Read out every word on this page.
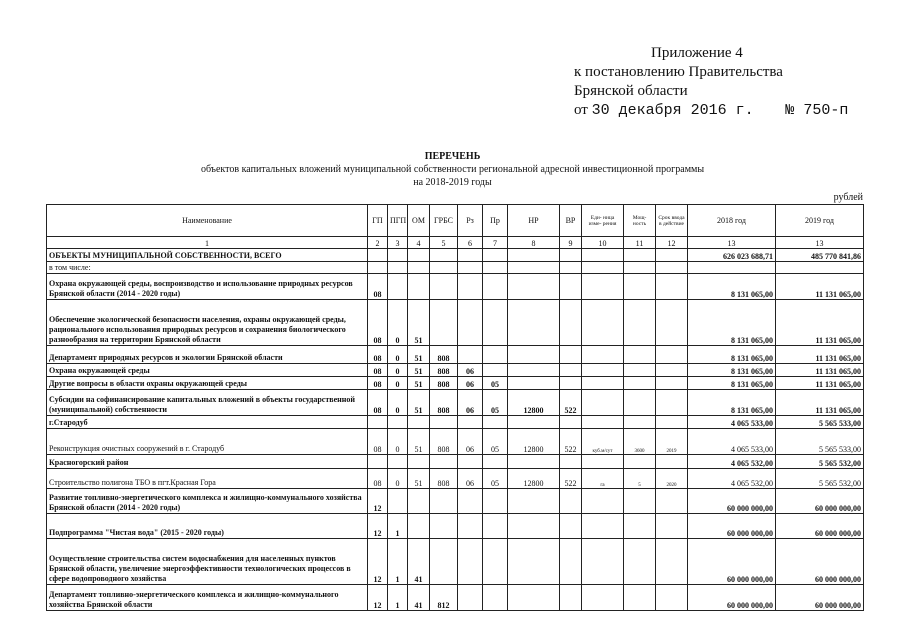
Приложение 4
к постановлению Правительства
Брянской области
от 30 декабря 2016 г. № 750-п
ПЕРЕЧЕНЬ
объектов капитальных вложений муниципальной собственности региональной адресной инвестиционной программы
на 2018-2019 годы
рублей
Наименование	ГП	ПГП	ОМ	ГРБС	Рз	Пр	НР	ВР	Еди- ница изме- рения	Мощ- ность	Срок ввода в действие	2018 год	2019 год
1	2	3	4	5	6	7	8	9	10	11	12	13	13
ОБЪЕКТЫ МУНИЦИПАЛЬНОЙ СОБСТВЕННОСТИ, ВСЕГО												626 023 688,71	485 770 841,86
в том числе:													
Охрана окружающей среды, воспроизводство и использование природных ресурсов Брянской области (2014 - 2020 годы)	08											8 131 065,00	11 131 065,00
Обеспечение экологической безопасности населения, охраны окружающей среды, рационального использования природных ресурсов и сохранения биологического разнообразия на территории Брянской области	08	0	51									8 131 065,00	11 131 065,00
Департамент природных ресурсов и экологии Брянской области	08	0	51	808								8 131 065,00	11 131 065,00
Охрана окружающей среды	08	0	51	808	06							8 131 065,00	11 131 065,00
Другие вопросы в области охраны окружающей среды	08	0	51	808	06	05						8 131 065,00	11 131 065,00
Субсидии на софинансирование капитальных вложений в объекты государственной (муниципальной) собственности	08	0	51	808	06	05	12800	522				8 131 065,00	11 131 065,00
г.Стародуб												4 065 533,00	5 565 533,00
Реконструкция очистных сооружений в г. Стародуб	08	0	51	808	06	05	12800	522	куб.м/сут	3600	2019	4 065 533,00	5 565 533,00
Красногорский район												4 065 532,00	5 565 532,00
Строительство полигона ТБО в пгт.Красная Гора	08	0	51	808	06	05	12800	522	га	5	2020	4 065 532,00	5 565 532,00
Развитие топливно-энергетического комплекса и жилищно-коммунального хозяйства Брянской области (2014 - 2020 годы)	12											60 000 000,00	60 000 000,00
Подпрограмма "Чистая вода" (2015 - 2020 годы)	12	1										60 000 000,00	60 000 000,00
Осуществление строительства систем водоснабжения для населенных пунктов Брянской области, увеличение энергоэффективности технологических процессов в сфере водопроводного хозяйства	12	1	41									60 000 000,00	60 000 000,00
Департамент топливно-энергетического комплекса и жилищно-коммунального хозяйства Брянской области	12	1	41	812								60 000 000,00	60 000 000,00
